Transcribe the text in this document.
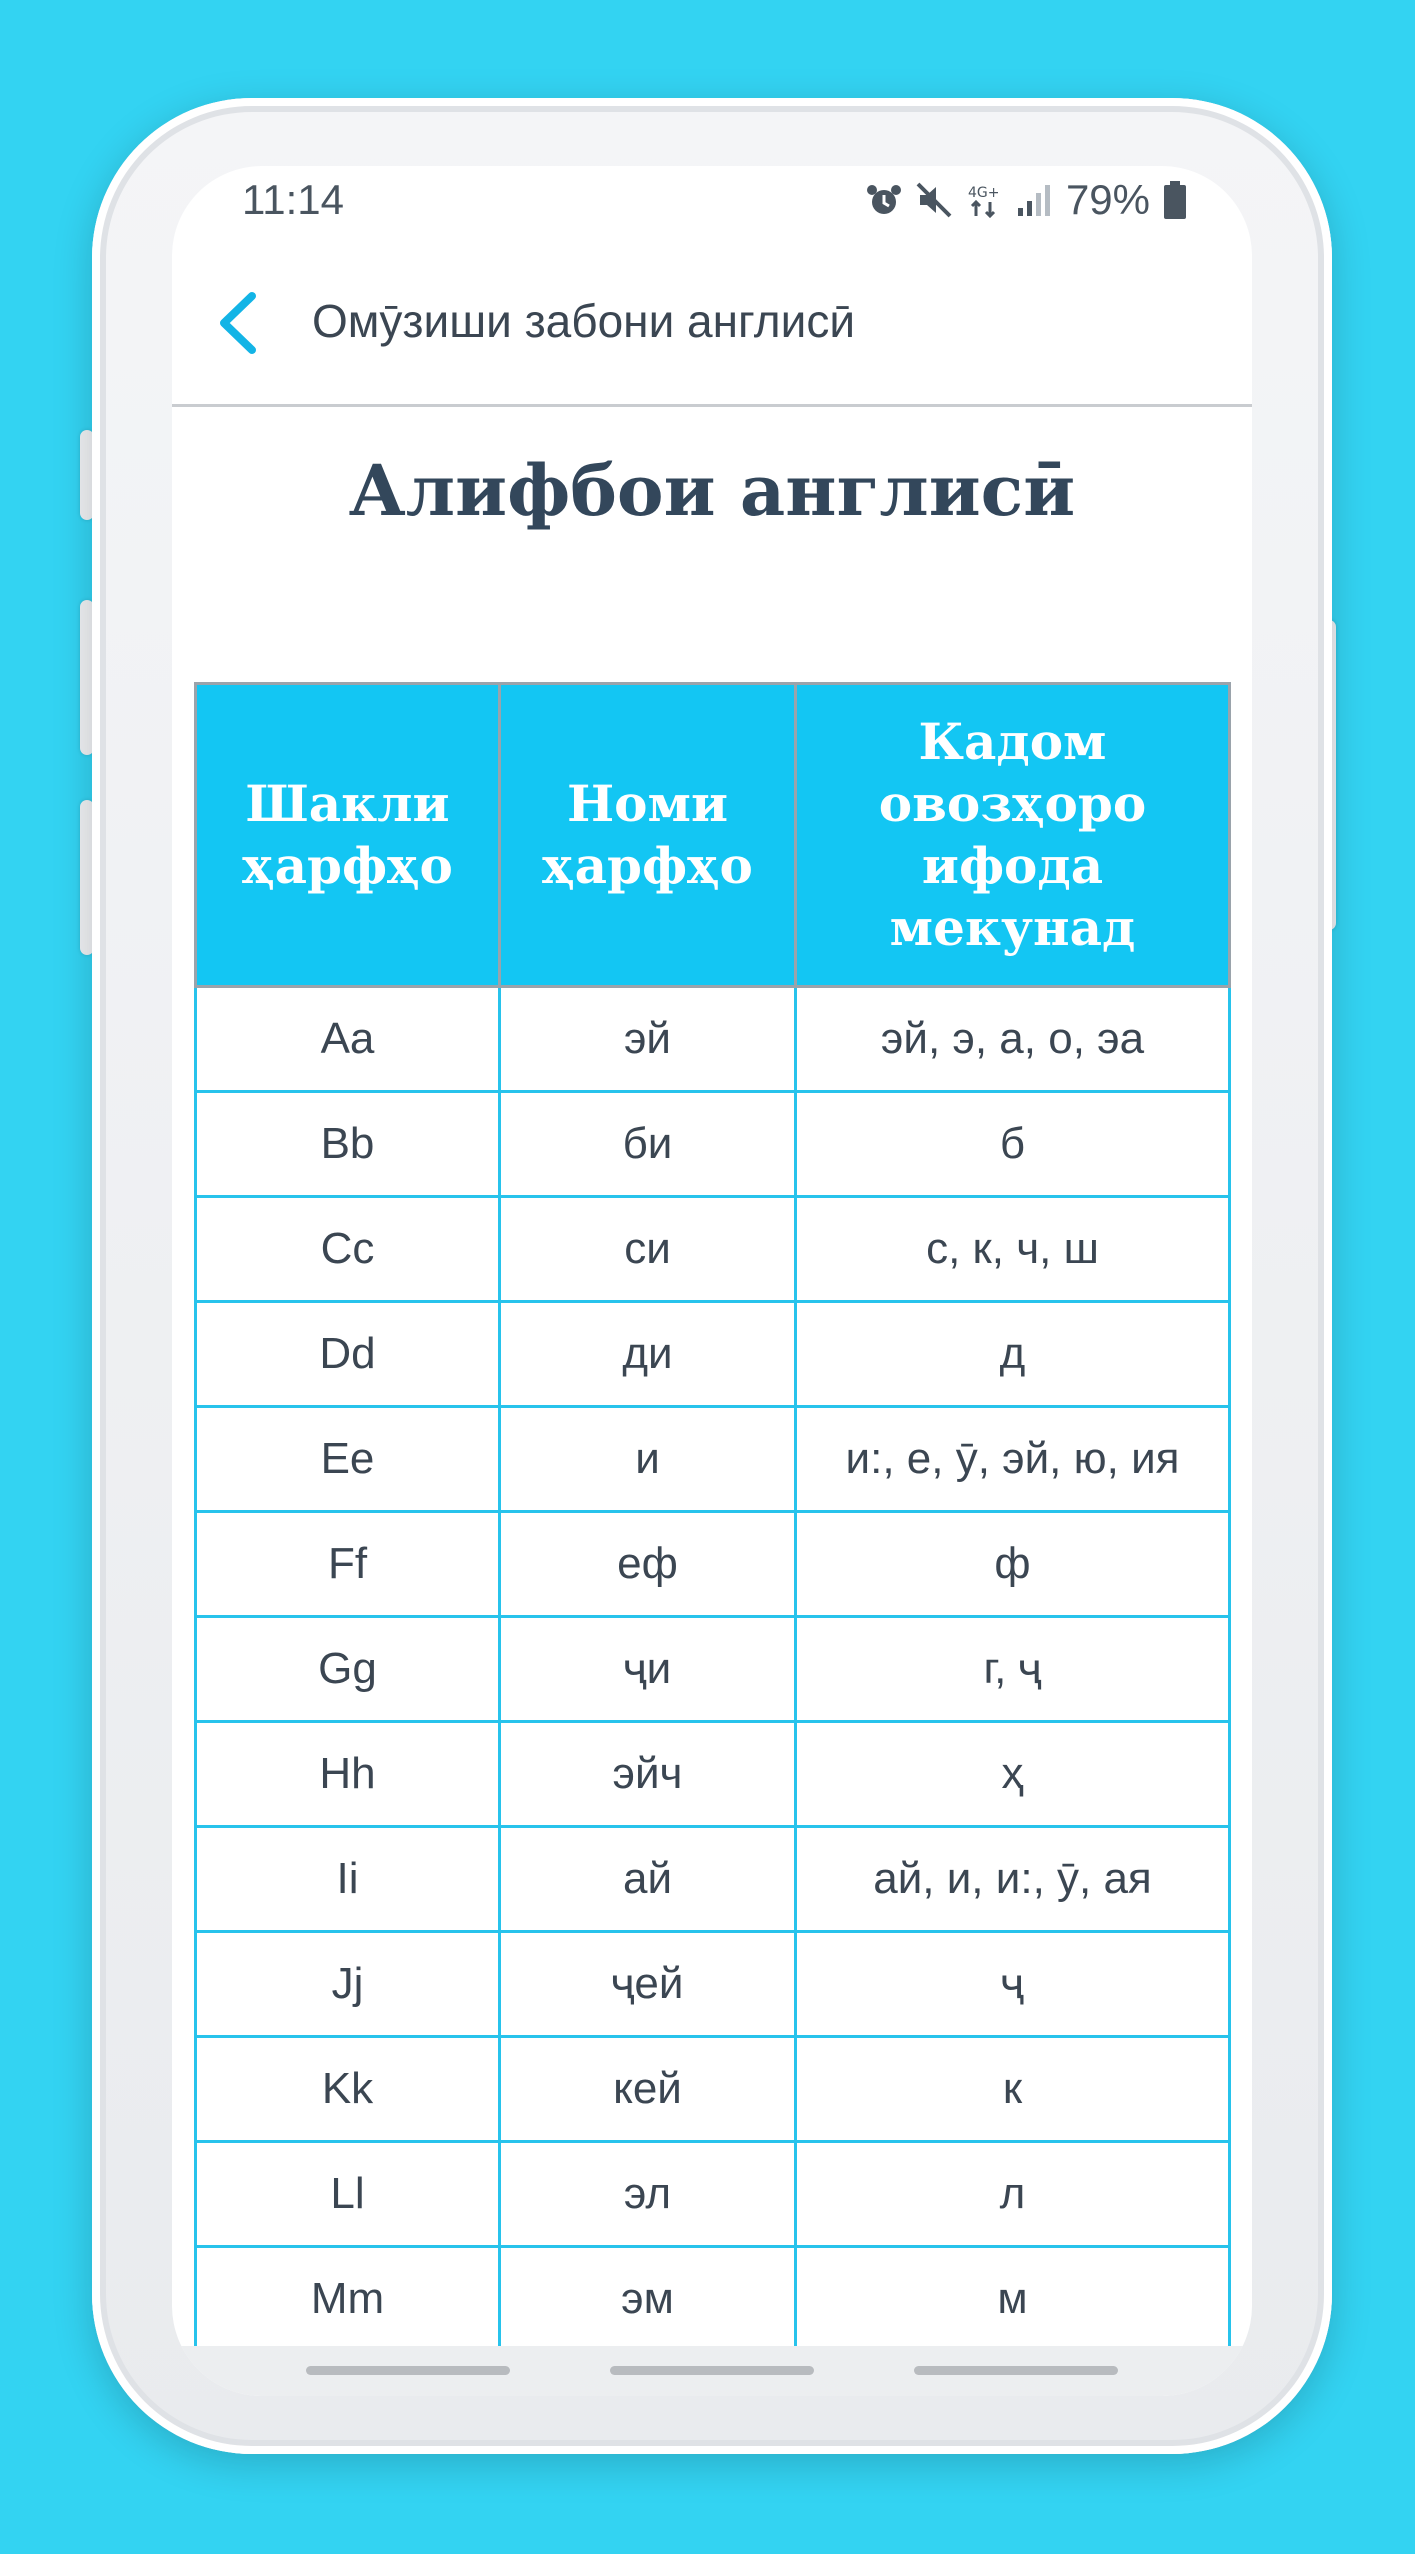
11:14	4G+ 79%
Омӯзиши забони англисӣ
Алифбои англисӣ
Шакли ҳарфҳо	Номи ҳарфҳо	Кадом овозҳоро ифода мекунад
Aa	эй	эй, э, а, о, эа
Bb	би	б
Cc	си	с, к, ч, ш
Dd	ди	д
Ee	и	и:, е, ӯ, эй, ю, ия
Ff	еф	ф
Gg	ҷи	г, ҷ
Hh	эйч	ҳ
Ii	ай	ай, и, и:, ӯ, ая
Jj	ҷей	ҷ
Kk	кей	к
Ll	эл	л
Mm	эм	м
